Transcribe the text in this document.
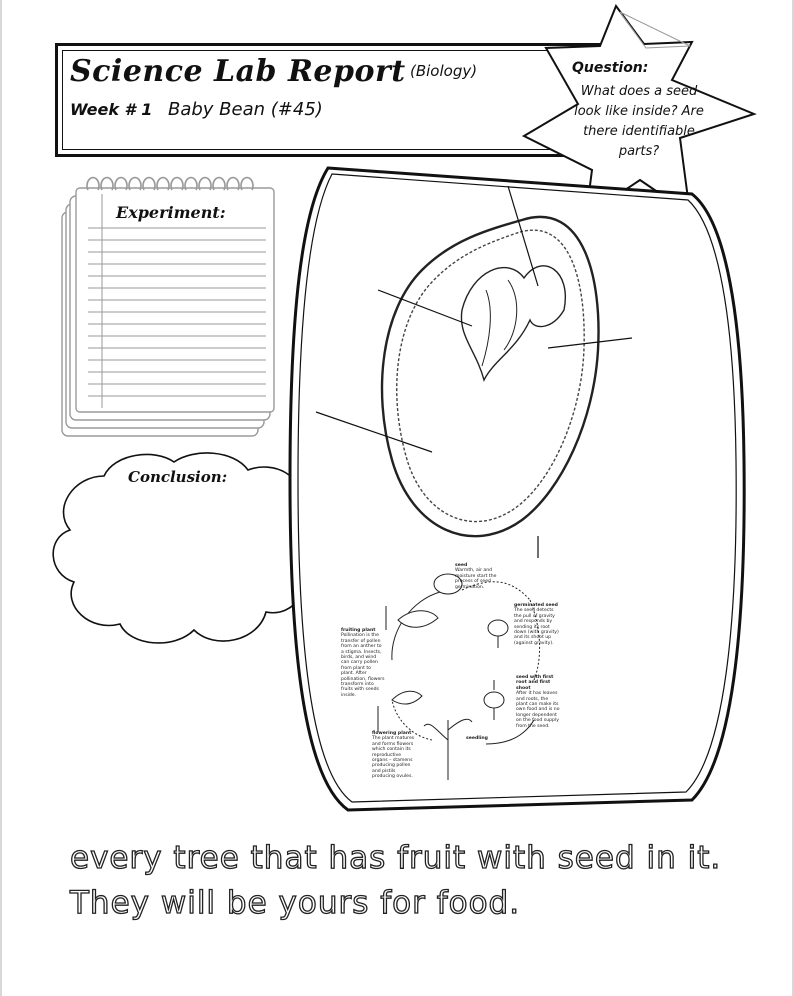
Science Lab Report (Biology)
Week # 1 Baby Bean (#45)
Question:
What does a seed look like inside? Are there identifiable parts?
Experiment:
Conclusion:
seed
Warmth, air and moisture start the process of seed germination.
germinated seed
The seed detects the pull of gravity and responds by sending its root down (with gravity) and its shoot up (against gravity).
seed with first root and first shoot
After it has leaves and roots, the plant can make its own food and is no longer dependent on the food supply from the seed.
seedling
flowering plant
The plant matures and forms flowers which contain its reproductive organs – stamens producing pollen and pistils producing ovules.
fruiting plant
Pollination is the transfer of pollen from an anther to a stigma. Insects, birds, and wind can carry pollen from plant to plant. After pollination, flowers transform into fruits with seeds inside.
every tree that has fruit with seed in it. They will be yours for food.
